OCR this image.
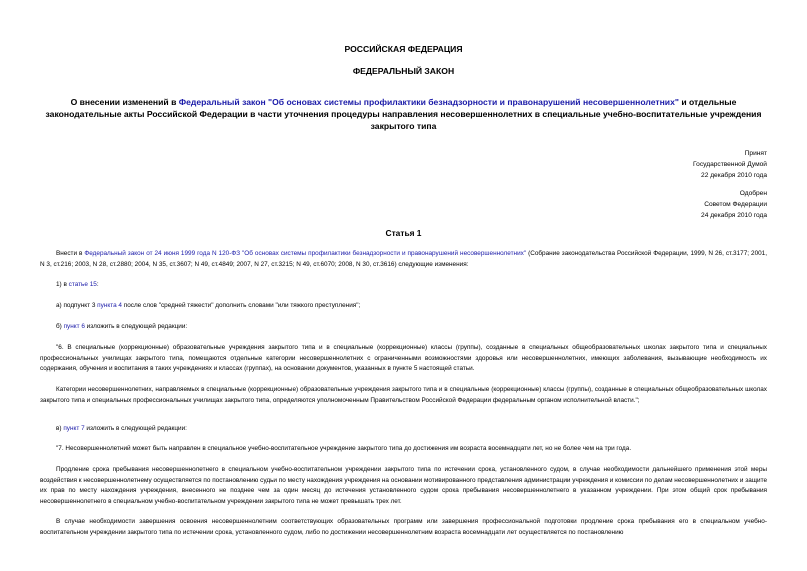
РОССИЙСКАЯ ФЕДЕРАЦИЯ
ФЕДЕРАЛЬНЫЙ ЗАКОН
О внесении изменений в Федеральный закон "Об основах системы профилактики безнадзорности и правонарушений несовершеннолетних" и отдельные законодательные акты Российской Федерации в части уточнения процедуры направления несовершеннолетних в специальные учебно-воспитательные учреждения закрытого типа
Принят
Государственной Думой
22 декабря 2010 года
Одобрен
Советом Федерации
24 декабря 2010 года
Статья 1
Внести в Федеральный закон от 24 июня 1999 года N 120-ФЗ "Об основах системы профилактики безнадзорности и правонарушений несовершеннолетних" (Собрание законодательства Российской Федерации, 1999, N 26, ст.3177; 2001, N 3, ст.216; 2003, N 28, ст.2880; 2004, N 35, ст.3607; N 49, ст.4849; 2007, N 27, ст.3215; N 49, ст.6070; 2008, N 30, ст.3616) следующие изменения:
1) в статье 15:
а) подпункт 3 пункта 4 после слов "средней тяжести" дополнить словами "или тяжкого преступления";
б) пункт 6 изложить в следующей редакции:
"6. В специальные (коррекционные) образовательные учреждения закрытого типа и в специальные (коррекционные) классы (группы), созданные в специальных общеобразовательных школах закрытого типа и специальных профессиональных училищах закрытого типа, помещаются отдельные категории несовершеннолетних с ограниченными возможностями здоровья или несовершеннолетних, имеющих заболевания, вызывающие необходимость их содержания, обучения и воспитания в таких учреждениях и классах (группах), на основании документов, указанных в пункте 5 настоящей статьи.
Категории несовершеннолетних, направляемых в специальные (коррекционные) образовательные учреждения закрытого типа и в специальные (коррекционные) классы (группы), созданные в специальных общеобразовательных школах закрытого типа и специальных профессиональных училищах закрытого типа, определяются уполномоченным Правительством Российской Федерации федеральным органом исполнительной власти.";
в) пункт 7 изложить в следующей редакции:
"7. Несовершеннолетний может быть направлен в специальное учебно-воспитательное учреждение закрытого типа до достижения им возраста восемнадцати лет, но не более чем на три года.
Продление срока пребывания несовершеннолетнего в специальном учебно-воспитательном учреждении закрытого типа по истечении срока, установленного судом, в случае необходимости дальнейшего применения этой меры воздействия к несовершеннолетнему осуществляется по постановлению судьи по месту нахождения учреждения на основании мотивированного представления администрации учреждения и комиссии по делам несовершеннолетних и защите их прав по месту нахождения учреждения, внесенного не позднее чем за один месяц до истечения установленного судом срока пребывания несовершеннолетнего в указанном учреждении. При этом общий срок пребывания несовершеннолетнего в специальном учебно-воспитательном учреждении закрытого типа не может превышать трех лет.
В случае необходимости завершения освоения несовершеннолетним соответствующих образовательных программ или завершения профессиональной подготовки продление срока пребывания его в специальном учебно-воспитательном учреждении закрытого типа по истечении срока, установленного судом, либо по достижении несовершеннолетним возраста восемнадцати лет осуществляется по постановлению
